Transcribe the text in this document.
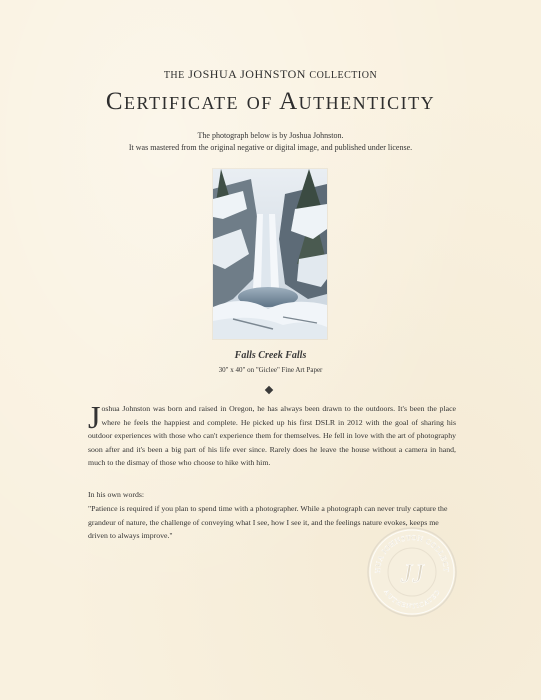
THE JOSHUA JOHNSTON COLLECTION
Certificate of Authenticity
The photograph below is by Joshua Johnston.
It was mastered from the original negative or digital image, and published under license.
Falls Creek Falls
30" x 40" on "Giclee" Fine Art Paper
J oshua Johnston was born and raised in Oregon, he has always been drawn to the outdoors. It's been the place where he feels the happiest and complete. He picked up his first DSLR in 2012 with the goal of sharing his outdoor experiences with those who can't experience them for themselves. He fell in love with the art of photography soon after and it's been a big part of his life ever since. Rarely does he leave the house without a camera in hand, much to the dismay of those who choose to hike with him.
In his own words:
"Patience is required if you plan to spend time with a photographer. While a photograph can never truly capture the grandeur of nature, the challenge of conveying what I see, how I see it, and the feelings nature evokes, keeps me driven to always improve."
HUA JOHNSTON COLLECT
AUTHENTICATED
JJ
